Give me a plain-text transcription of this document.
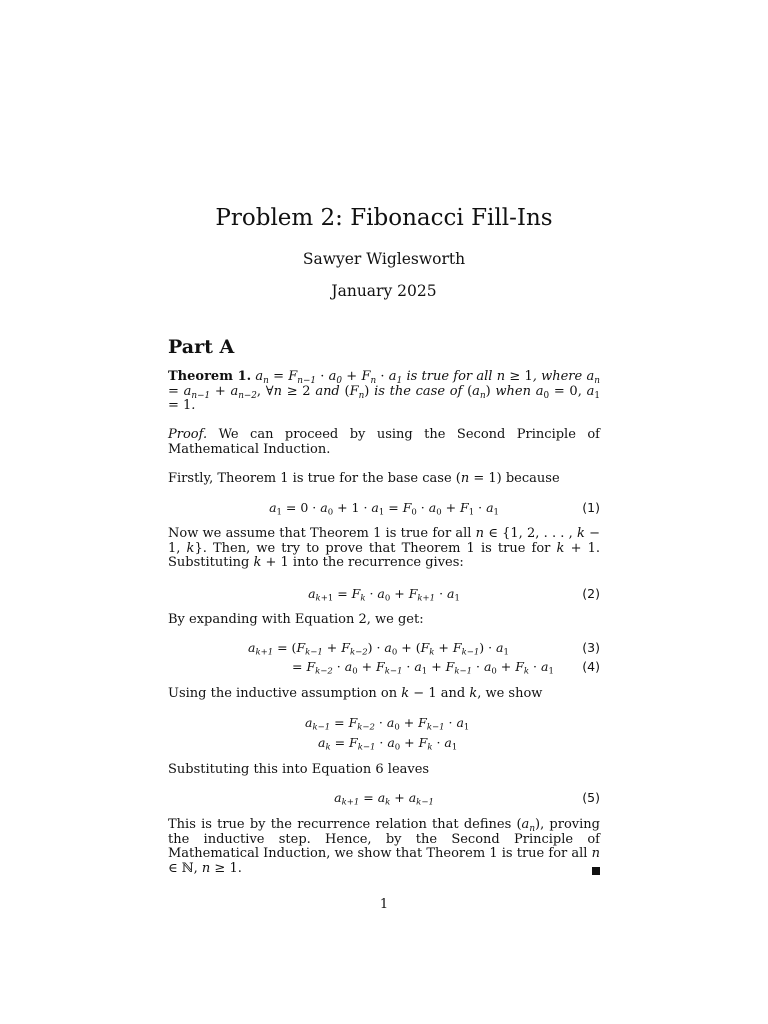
Problem 2: Fibonacci Fill-Ins
Sawyer Wiglesworth
January 2025
Part A
Theorem 1. $a_n = F_{n-1} \cdot a_0 + F_n \cdot a_1$ is true for all n ≥ 1, where $a_n = a_{n-1} + a_{n-2}$, ∀n ≥ 2 and $(F_n)$ is the case of $(a_n)$ when $a_0 = 0$, $a_1 = 1$.
Proof. We can proceed by using the Second Principle of Mathematical Induction.
Firstly, Theorem 1 is true for the base case (n = 1) because
$a_1 = 0 \cdot a_0 + 1 \cdot a_1 = F_0 \cdot a_0 + F_1 \cdot a_1$	(1)
Now we assume that Theorem 1 is true for all n ∈ {1, 2, . . . , k − 1, k}. Then, we try to prove that Theorem 1 is true for k + 1. Substituting k + 1 into the recurrence gives:
$a_{k+1} = F_k \cdot a_0 + F_{k+1} \cdot a_1$	(2)
By expanding with Equation 2, we get:
$a_{k+1} = (F_{k-1} + F_{k-2}) \cdot a_0 + (F_k + F_{k-1}) \cdot a_1$	(3)
= $F_{k-2} \cdot a_0 + F_{k-1} \cdot a_1 + F_{k-1} \cdot a_0 + F_k \cdot a_1$ (4)
Using the inductive assumption on k − 1 and k, we show
$a_{k-1} = F_{k-2} \cdot a_0 + F_{k-1} \cdot a_1$
$a_k = F_{k-1} \cdot a_0 + F_k \cdot a_1$
Substituting this into Equation 6 leaves
$a_{k+1} = a_k + a_{k-1}$	(5)
This is true by the recurrence relation that defines $(a_n)$, proving the inductive step. Hence, by the Second Principle of Mathematical Induction, we show that Theorem 1 is true for all n ∈ ℕ, n ≥ 1.
1
